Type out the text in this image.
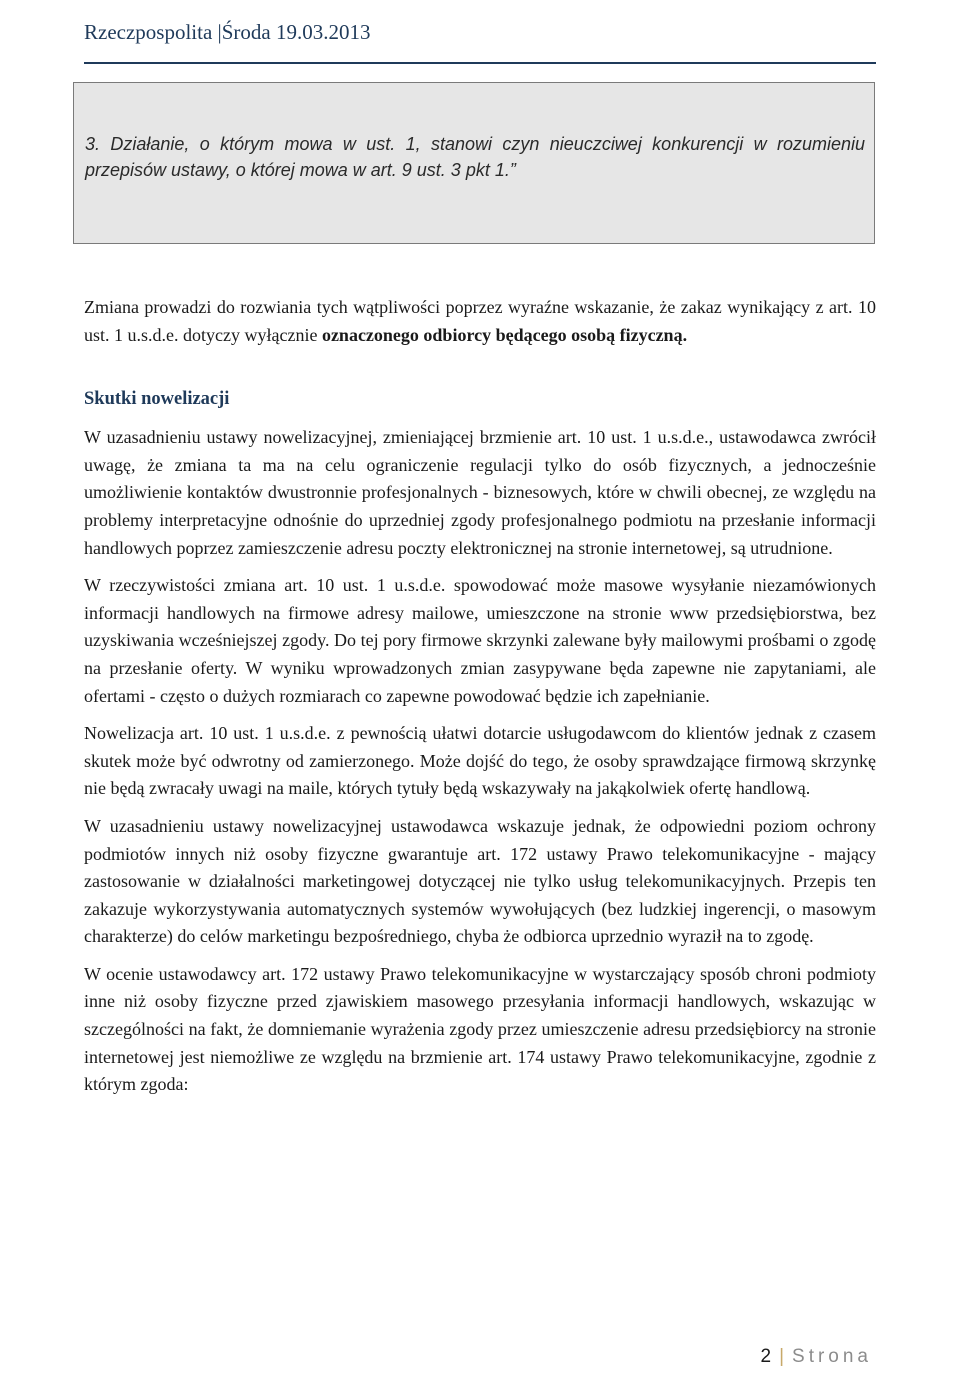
Rzeczpospolita |Środa 19.03.2013
3. Działanie, o którym mowa w ust. 1, stanowi czyn nieuczciwej konkurencji w rozumieniu przepisów ustawy, o której mowa w art. 9 ust. 3 pkt 1.”

Zmiana prowadzi do rozwiania tych wątpliwości poprzez wyraźne wskazanie, że zakaz wynikający z art. 10 ust. 1 u.s.d.e. dotyczy wyłącznie oznaczonego odbiorcy będącego osobą fizyczną.

Skutki nowelizacji

W uzasadnieniu ustawy nowelizacyjnej, zmieniającej brzmienie art. 10 ust. 1 u.s.d.e., ustawodawca zwrócił uwagę, że zmiana ta ma na celu ograniczenie regulacji tylko do osób fizycznych, a jednocześnie umożliwienie kontaktów dwustronnie profesjonalnych - biznesowych, które w chwili obecnej, ze względu na problemy interpretacyjne odnośnie do uprzedniej zgody profesjonalnego podmiotu na przesłanie informacji handlowych poprzez zamieszczenie adresu poczty elektronicznej na stronie internetowej, są utrudnione.

W rzeczywistości zmiana art. 10 ust. 1 u.s.d.e. spowodować może masowe wysyłanie niezamówionych informacji handlowych na firmowe adresy mailowe, umieszczone na stronie www przedsiębiorstwa, bez uzyskiwania wcześniejszej zgody. Do tej pory firmowe skrzynki zalewane były mailowymi prośbami o zgodę na przesłanie oferty. W wyniku wprowadzonych zmian zasypywane będa zapewne nie zapytaniami, ale ofertami - często o dużych rozmiarach co zapewne powodować będzie ich zapełnianie.

Nowelizacja art. 10 ust. 1 u.s.d.e. z pewnością ułatwi dotarcie usługodawcom do klientów jednak z czasem skutek może być odwrotny od zamierzonego. Może dojść do tego, że osoby sprawdzające firmową skrzynkę nie będą zwracały uwagi na maile, których tytuły będą wskazywały na jakąkolwiek ofertę handlową.

W uzasadnieniu ustawy nowelizacyjnej ustawodawca wskazuje jednak, że odpowiedni poziom ochrony podmiotów innych niż osoby fizyczne gwarantuje art. 172 ustawy Prawo telekomunikacyjne - mający zastosowanie w działalności marketingowej dotyczącej nie tylko usług telekomunikacyjnych. Przepis ten zakazuje wykorzystywania automatycznych systemów wywołujących (bez ludzkiej ingerencji, o masowym charakterze) do celów marketingu bezpośredniego, chyba że odbiorca uprzednio wyraził na to zgodę.

W ocenie ustawodawcy art. 172 ustawy Prawo telekomunikacyjne w wystarczający sposób chroni podmioty inne niż osoby fizyczne przed zjawiskiem masowego przesyłania informacji handlowych, wskazując w szczególności na fakt, że domniemanie wyrażenia zgody przez umieszczenie adresu przedsiębiorcy na stronie internetowej jest niemożliwe ze względu na brzmienie art. 174 ustawy Prawo telekomunikacyjne, zgodnie z którym zgoda:

2 | Strona
